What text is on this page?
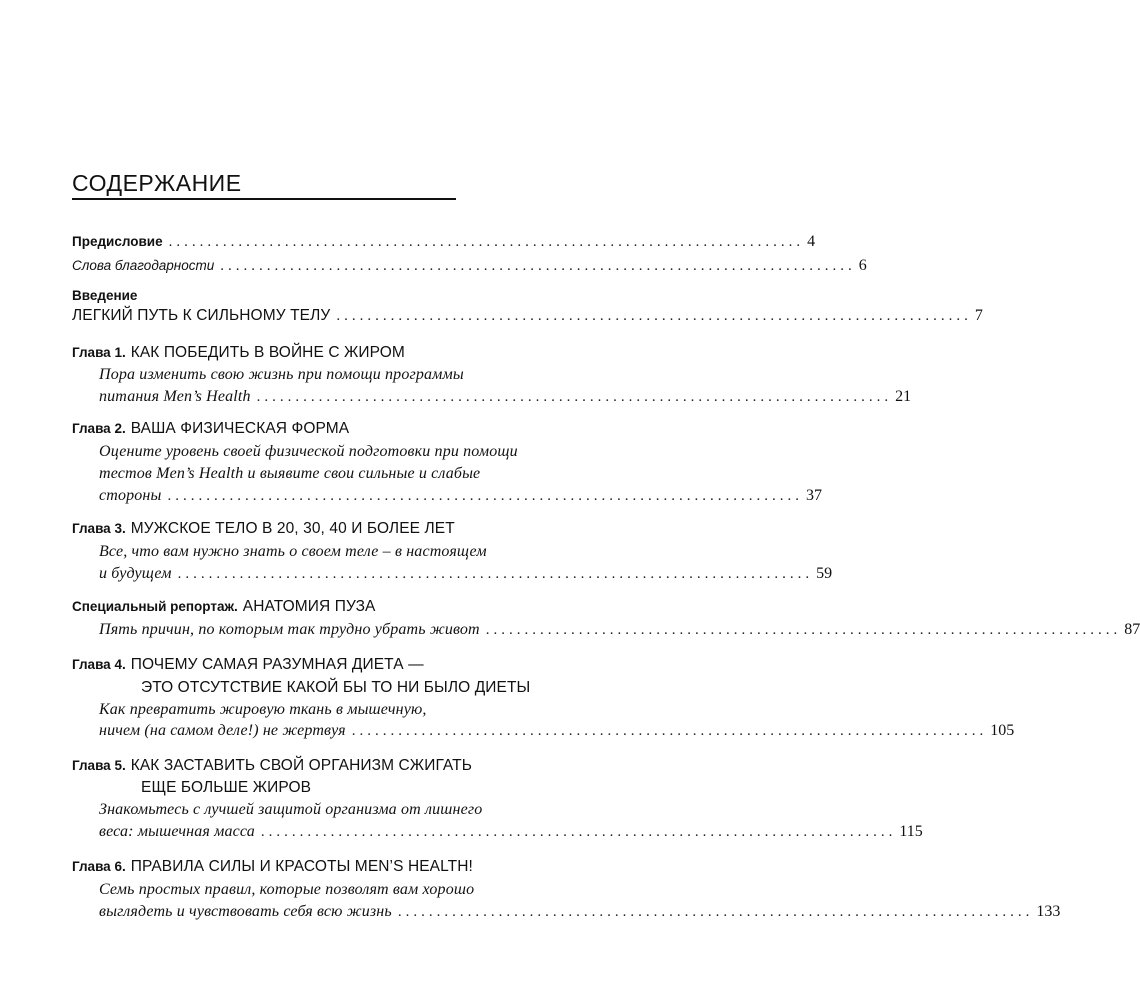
СОДЕРЖАНИЕ
Предисловие .................................................................................. 4
Слова благодарности .................................................................................. 6
Введение
ЛЕГКИЙ ПУТЬ К СИЛЬНОМУ ТЕЛУ .................................................................................. 7
Глава 1. КАК ПОБЕДИТЬ В ВОЙНЕ С ЖИРОМ
Пора изменить свою жизнь при помощи программы
питания Men’s Health .................................................................................. 21
Глава 2. ВАША ФИЗИЧЕСКАЯ ФОРМА
Оцените уровень своей физической подготовки при помощи
тестов Men’s Health и выявите свои сильные и слабые
стороны .................................................................................. 37
Глава 3. МУЖСКОЕ ТЕЛО В 20, 30, 40 И БОЛЕЕ ЛЕТ
Все, что вам нужно знать о своем теле – в настоящем
и будущем .................................................................................. 59
Специальный репортаж. АНАТОМИЯ ПУЗА
Пять причин, по которым так трудно убрать живот .................................................................................. 87
Глава 4. ПОЧЕМУ САМАЯ РАЗУМНАЯ ДИЕТА —
ЭТО ОТСУТСТВИЕ КАКОЙ БЫ ТО НИ БЫЛО ДИЕТЫ
Как превратить жировую ткань в мышечную,
ничем (на самом деле!) не жертвуя .................................................................................. 105
Глава 5. КАК ЗАСТАВИТЬ СВОЙ ОРГАНИЗМ СЖИГАТЬ
ЕЩЕ БОЛЬШЕ ЖИРОВ
Знакомьтесь с лучшей защитой организма от лишнего
веса: мышечная масса .................................................................................. 115
Глава 6. ПРАВИЛА СИЛЫ И КРАСОТЫ MEN’S HEALTH!
Семь простых правил, которые позволят вам хорошо
выглядеть и чувствовать себя всю жизнь .................................................................................. 133
